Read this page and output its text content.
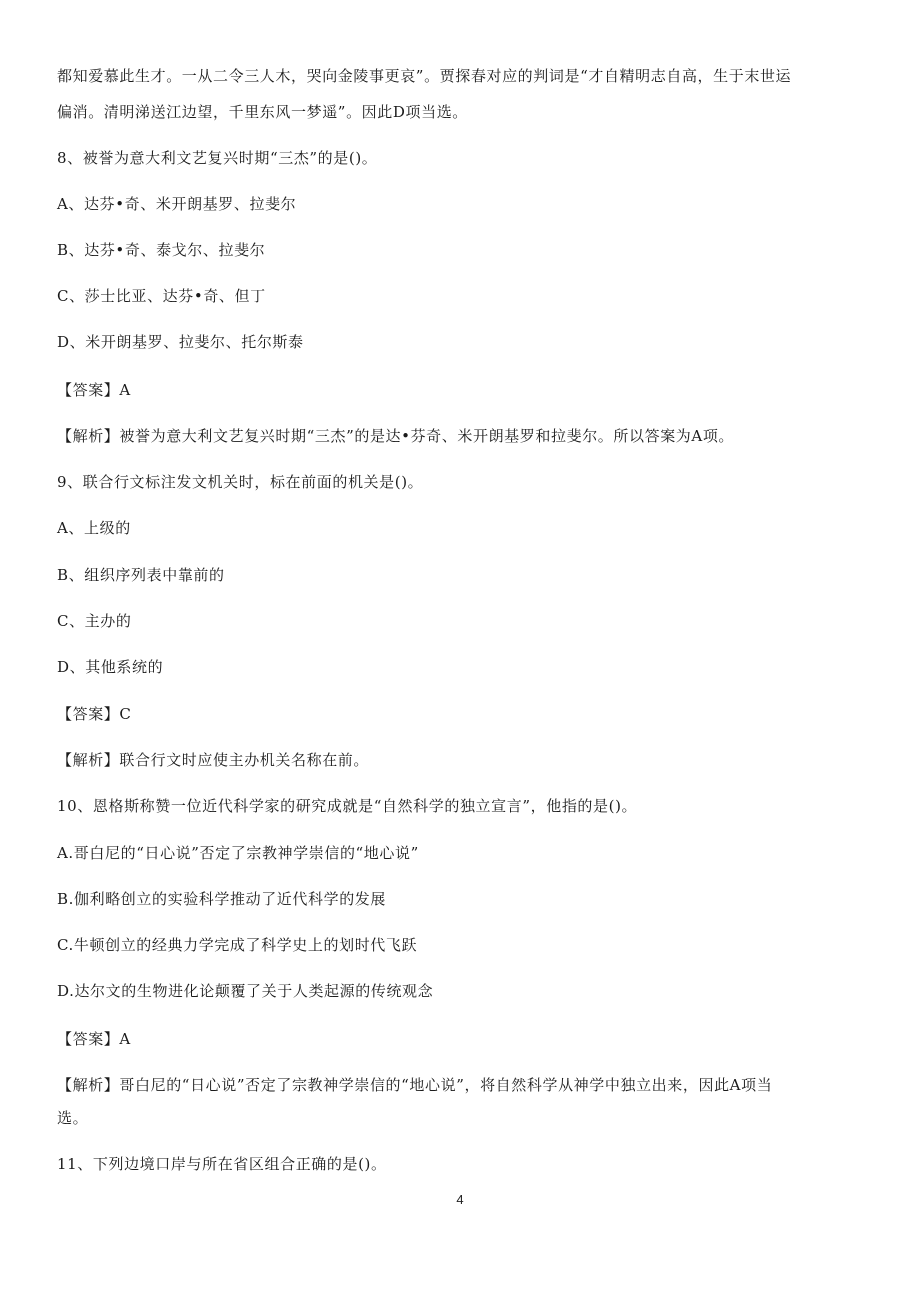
都知爱慕此生才。一从二令三人木，哭向金陵事更哀”。贾探春对应的判词是“才自精明志自高，生于末世运
偏消。清明涕送江边望，千里东风一梦遥”。因此D项当选。
8、被誉为意大利文艺复兴时期“三杰”的是()。
A、达芬•奇、米开朗基罗、拉斐尔
B、达芬•奇、泰戈尔、拉斐尔
C、莎士比亚、达芬•奇、但丁
D、米开朗基罗、拉斐尔、托尔斯泰
【答案】A
【解析】被誉为意大利文艺复兴时期“三杰”的是达•芬奇、米开朗基罗和拉斐尔。所以答案为A项。
9、联合行文标注发文机关时，标在前面的机关是()。
A、上级的
B、组织序列表中靠前的
C、主办的
D、其他系统的
【答案】C
【解析】联合行文时应使主办机关名称在前。
10、恩格斯称赞一位近代科学家的研究成就是“自然科学的独立宣言”，他指的是()。
A.哥白尼的“日心说”否定了宗教神学崇信的“地心说”
B.伽利略创立的实验科学推动了近代科学的发展
C.牛顿创立的经典力学完成了科学史上的划时代飞跃
D.达尔文的生物进化论颠覆了关于人类起源的传统观念
【答案】A
【解析】哥白尼的“日心说”否定了宗教神学崇信的“地心说”，将自然科学从神学中独立出来，因此A项当
选。
11、下列边境口岸与所在省区组合正确的是()。
4
